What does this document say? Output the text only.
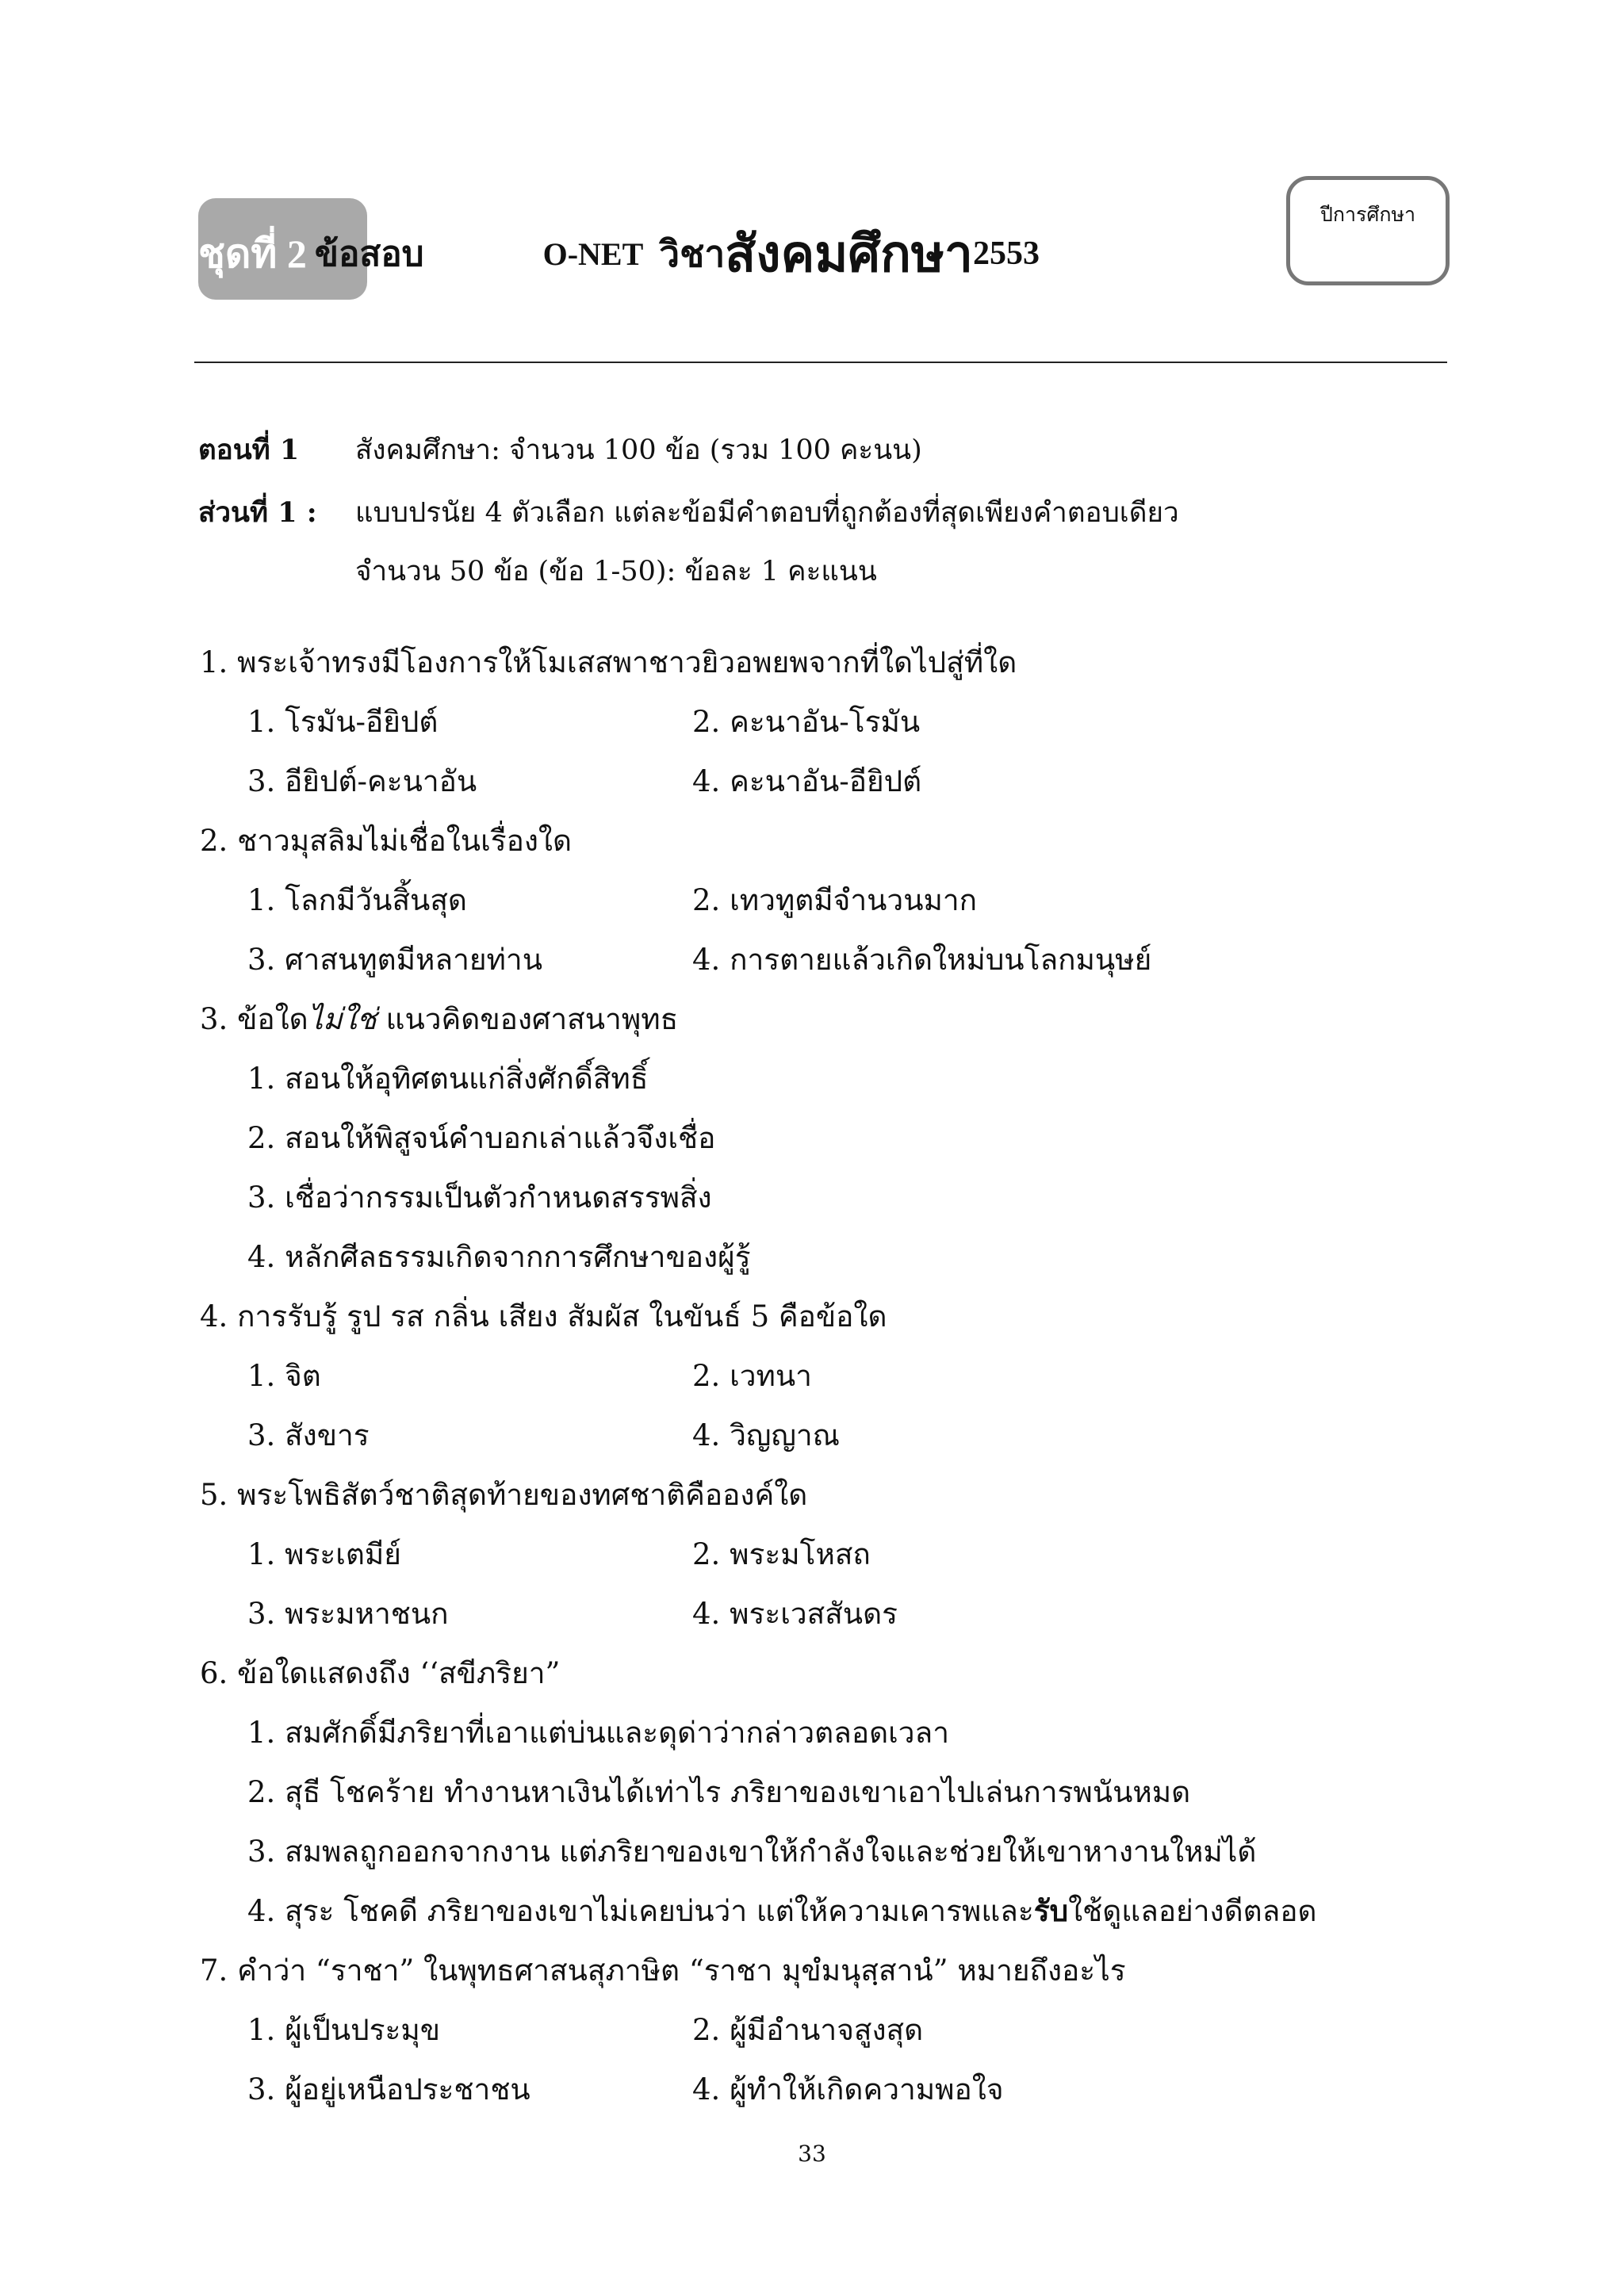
ชุดที่ 2 ข้อสอบ	O-NET วิชา สังคมศึกษา 2553
ปีการศึกษา
ตอนที่ 1 สังคมศึกษา: จำนวน 100 ข้อ (รวม 100 คะนน)
ส่วนที่ 1 : แบบปรนัย 4 ตัวเลือก แต่ละข้อมีคำตอบที่ถูกต้องที่สุดเพียงคำตอบเดียว
จำนวน 50 ข้อ (ข้อ 1-50): ข้อละ 1 คะแนน
1. พระเจ้าทรงมีโองการให้โมเสสพาชาวยิวอพยพจากที่ใดไปสู่ที่ใด
1. โรมัน-อียิปต์	2. คะนาอัน-โรมัน
3. อียิปต์-คะนาอัน	4. คะนาอัน-อียิปต์
2. ชาวมุสลิมไม่เชื่อในเรื่องใด
1. โลกมีวันสิ้นสุด	2. เทวทูตมีจำนวนมาก
3. ศาสนทูตมีหลายท่าน	4. การตายแล้วเกิดใหม่บนโลกมนุษย์
3. ข้อใดไม่ใช่ แนวคิดของศาสนาพุทธ
1. สอนให้อุทิศตนแก่สิ่งศักดิ์สิทธิ์
2. สอนให้พิสูจน์คำบอกเล่าแล้วจึงเชื่อ
3. เชื่อว่ากรรมเป็นตัวกำหนดสรรพสิ่ง
4. หลักศีลธรรมเกิดจากการศึกษาของผู้รู้
4. การรับรู้ รูป รส กลิ่น เสียง สัมผัส ในขันธ์ 5 คือข้อใด
1. จิต	2. เวทนา
3. สังขาร	4. วิญญาณ
5. พระโพธิสัตว์ชาติสุดท้ายของทศชาติคือองค์ใด
1. พระเตมีย์	2. พระมโหสถ
3. พระมหาชนก	4. พระเวสสันดร
6. ข้อใดแสดงถึง ‘‘สขีภริยา”
1. สมศักดิ์มีภริยาที่เอาแต่บ่นและดุด่าว่ากล่าวตลอดเวลา
2. สุธี โชคร้าย ทำงานหาเงินได้เท่าไร ภริยาของเขาเอาไปเล่นการพนันหมด
3. สมพลถูกออกจากงาน แต่ภริยาของเขาให้กำลังใจและช่วยให้เขาหางานใหม่ได้
4. สุระ โชคดี ภริยาของเขาไม่เคยบ่นว่า แต่ให้ความเคารพและรับใช้ดูแลอย่างดีตลอด
7. คำว่า “ราชา” ในพุทธศาสนสุภาษิต “ราชา มุขํมนุสฺสานํ” หมายถึงอะไร
1. ผู้เป็นประมุข	2. ผู้มีอำนาจสูงสุด
3. ผู้อยู่เหนือประชาชน	4. ผู้ทำให้เกิดความพอใจ
33
